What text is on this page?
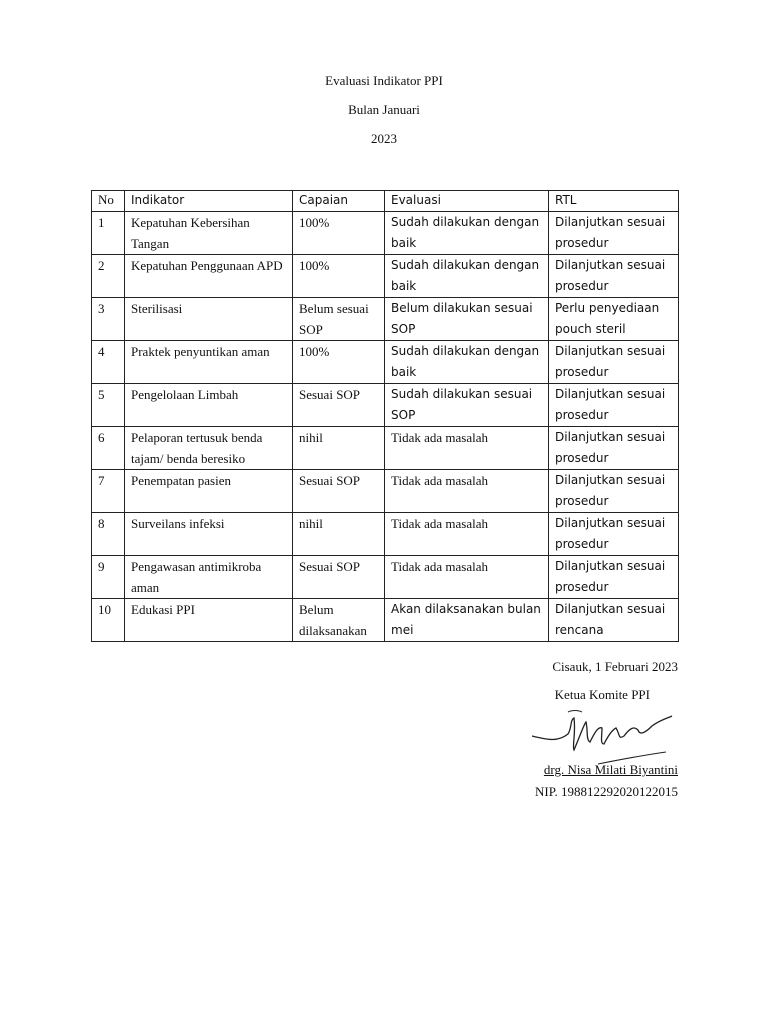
Evaluasi Indikator PPI
Bulan Januari
2023
No	Indikator	Capaian	Evaluasi	RTL
1	Kepatuhan Kebersihan Tangan	100%	Sudah dilakukan dengan baik	Dilanjutkan sesuai prosedur
2	Kepatuhan Penggunaan APD	100%	Sudah dilakukan dengan baik	Dilanjutkan sesuai prosedur
3	Sterilisasi	Belum sesuai SOP	Belum dilakukan sesuai SOP	Perlu penyediaan pouch steril
4	Praktek penyuntikan aman	100%	Sudah dilakukan dengan baik	Dilanjutkan sesuai prosedur
5	Pengelolaan Limbah	Sesuai SOP	Sudah dilakukan sesuai SOP	Dilanjutkan sesuai prosedur
6	Pelaporan tertusuk benda tajam/ benda beresiko	nihil	Tidak ada masalah	Dilanjutkan sesuai prosedur
7	Penempatan pasien	Sesuai SOP	Tidak ada masalah	Dilanjutkan sesuai prosedur
8	Surveilans infeksi	nihil	Tidak ada masalah	Dilanjutkan sesuai prosedur
9	Pengawasan antimikroba aman	Sesuai SOP	Tidak ada masalah	Dilanjutkan sesuai prosedur
10	Edukasi PPI	Belum dilaksanakan	Akan dilaksanakan bulan mei	Dilanjutkan sesuai rencana
Cisauk, 1 Februari 2023
Ketua Komite PPI
drg. Nisa Milati Biyantini
NIP. 198812292020122015
